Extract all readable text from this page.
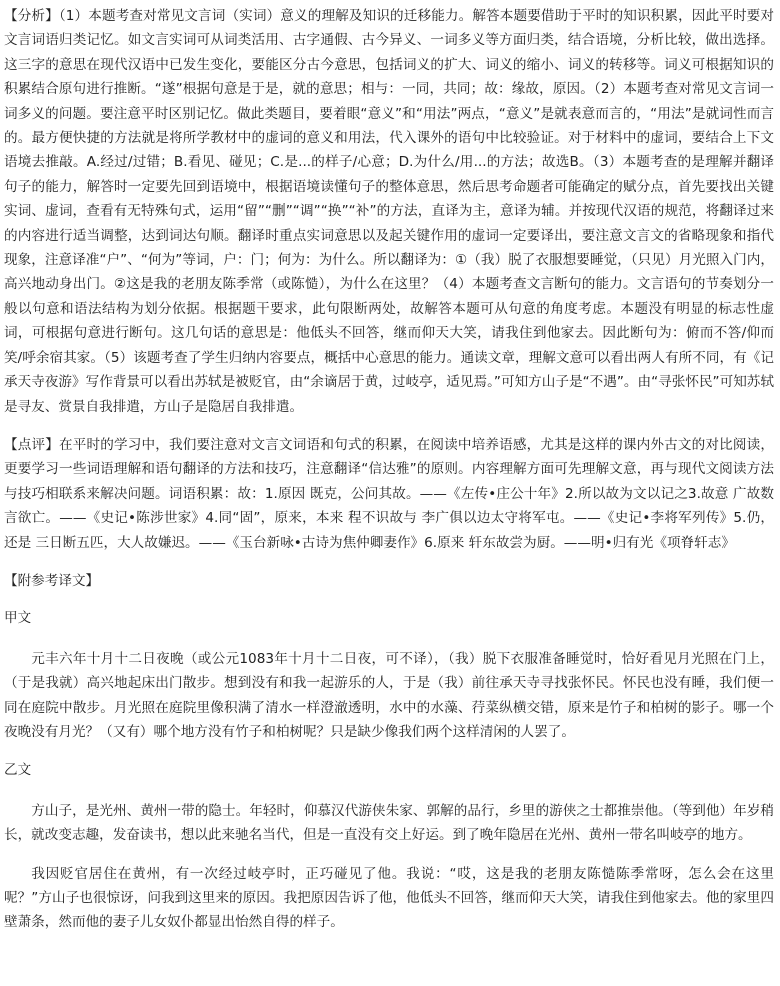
【分析】（1）本题考查对常见文言词（实词）意义的理解及知识的迁移能力。解答本题要借助于平时的知识积累，因此平时要对文言词语归类记忆。如文言实词可从词类活用、古字通假、古今异义、一词多义等方面归类，结合语境，分析比较，做出选择。这三字的意思在现代汉语中已发生变化，要能区分古今意思，包括词义的扩大、词义的缩小、词义的转移等。词义可根据知识的积累结合原句进行推断。“遂”根据句意是于是，就的意思；相与：一同，共同；故：缘故，原因。（2）本题考查对常见文言词一词多义的问题。要注意平时区别记忆。做此类题目，要着眼“意义”和“用法”两点，“意义”是就表意而言的，“用法”是就词性而言的。最方便快捷的方法就是将所学教材中的虚词的意义和用法，代入课外的语句中比较验证。对于材料中的虚词，要结合上下文语境去推敲。A.经过/过错；B.看见、碰见；C.是...的样子/心意；D.为什么/用...的方法；故选B。（3）本题考查的是理解并翻译句子的能力，解答时一定要先回到语境中，根据语境读懂句子的整体意思，然后思考命题者可能确定的赋分点，首先要找出关键实词、虚词，查看有无特殊句式，运用“留”“删”“调”“换”“补”的方法，直译为主，意译为辅。并按现代汉语的规范，将翻译过来的内容进行适当调整，达到词达句顺。翻译时重点实词意思以及起关键作用的虚词一定要译出，要注意文言文的省略现象和指代现象，注意译准“户”、“何为”等词，户：门；何为：为什么。所以翻译为：①（我）脱了衣服想要睡觉，（只见）月光照入门内，高兴地动身出门。②这是我的老朋友陈季常（或陈慥），为什么在这里？（4）本题考查文言断句的能力。文言语句的节奏划分一般以句意和语法结构为划分依据。根据题干要求，此句限断两处，故解答本题可从句意的角度考虑。本题没有明显的标志性虚词，可根据句意进行断句。这几句话的意思是：他低头不回答，继而仰天大笑，请我住到他家去。因此断句为：俯而不答/仰而笑/呼余宿其家。（5）该题考查了学生归纳内容要点，概括中心意思的能力。通读文章，理解文意可以看出两人有所不同，有《记承天寺夜游》写作背景可以看出苏轼是被贬官，由“余谪居于黄，过岐亭，适见焉。”可知方山子是“不遇”。由“寻张怀民”可知苏轼是寻友、赏景自我排遣，方山子是隐居自我排遣。

【点评】在平时的学习中，我们要注意对文言文词语和句式的积累，在阅读中培养语感，尤其是这样的课内外古文的对比阅读，更要学习一些词语理解和语句翻译的方法和技巧，注意翻译“信达雅”的原则。内容理解方面可先理解文意，再与现代文阅读方法与技巧相联系来解决问题。词语积累：故：1.原因 既克，公问其故。——《左传•庄公十年》2.所以故为文以记之3.故意 广故数言欲亡。——《史记•陈涉世家》4.同“固”，原来，本来 程不识故与 李广俱以边太守将军屯。——《史记•李将军列传》5.仍，还是 三日断五匹，大人故嫌迟。——《玉台新咏•古诗为焦仲卿妻作》6.原来 轩东故尝为厨。——明•归有光《项脊轩志》

【附参考译文】

甲文

元丰六年十月十二日夜晚（或公元1083年十月十二日夜，可不译），（我）脱下衣服准备睡觉时，恰好看见月光照在门上，（于是我就）高兴地起床出门散步。想到没有和我一起游乐的人，于是（我）前往承天寺寻找张怀民。怀民也没有睡，我们便一同在庭院中散步。月光照在庭院里像积满了清水一样澄澈透明，水中的水藻、荇菜纵横交错，原来是竹子和柏树的影子。哪一个夜晚没有月光？（又有）哪个地方没有竹子和柏树呢？只是缺少像我们两个这样清闲的人罢了。

乙文

方山子，是光州、黄州一带的隐士。年轻时，仰慕汉代游侠朱家、郭解的品行，乡里的游侠之士都推崇他。（等到他）年岁稍长，就改变志趣，发奋读书，想以此来驰名当代，但是一直没有交上好运。到了晚年隐居在光州、黄州一带名叫岐亭的地方。

我因贬官居住在黄州，有一次经过岐亭时，正巧碰见了他。我说：“哎，这是我的老朋友陈慥陈季常呀，怎么会在这里呢？”方山子也很惊讶，问我到这里来的原因。我把原因告诉了他，他低头不回答，继而仰天大笑，请我住到他家去。他的家里四壁萧条，然而他的妻子儿女奴仆都显出怡然自得的样子。
